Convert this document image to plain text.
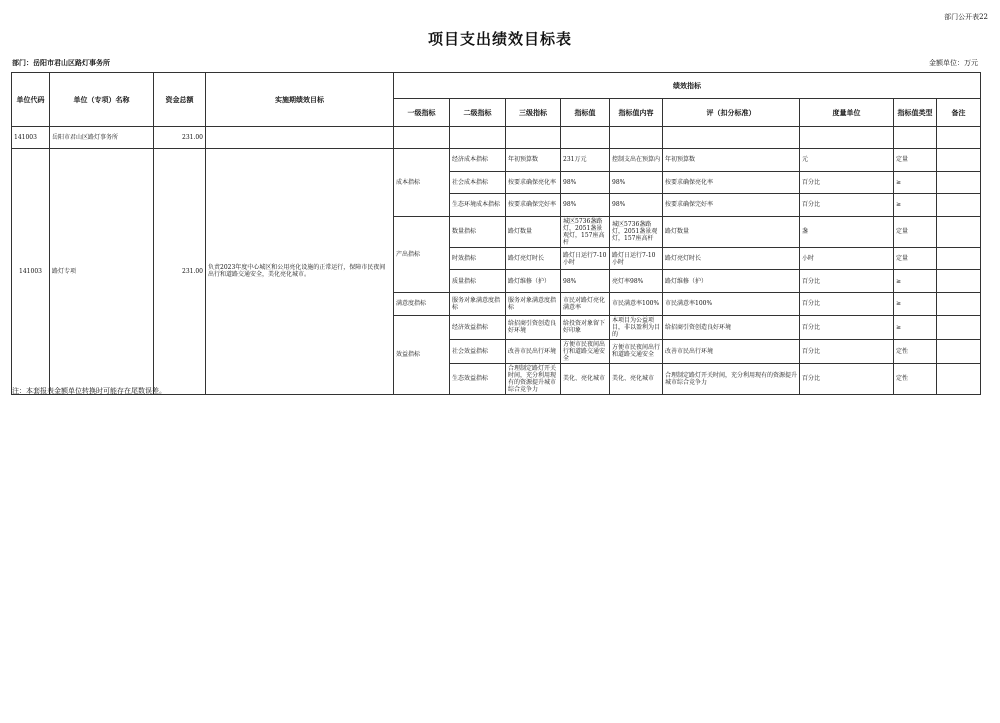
部门公开表22
项目支出绩效目标表
部门：岳阳市君山区路灯事务所	金额单位：万元
单位代码	单位（专项）名称	资金总额	实施期绩效目标	绩效指标								
				一级指标	二级指标	三级指标	指标值	指标值内容	评（扣分标准）	度量单位	指标值类型	备注
141003	岳阳市君山区路灯事务所	231.00										
141003	路灯专项	231.00	负责2023年度中心城区和公用亮化设施的正常运行，保障市民夜间出行和道路交通安全，美化亮化城市。	成本指标	经济成本指标	年初预算数	231万元	控制支出在预算内	年初预算数	元	定量	
					社会成本指标	按要求确保亮化率	98%	98%	按要求确保亮化率	百分比	≥	
					生态环境成本指标	按要求确保完好率	98%	98%	按要求确保完好率	百分比	≥	
				产出指标	数量指标	路灯数量	城区5736盏路灯，2051盏景观灯，157座高杆	城区5736盏路灯，2051盏景观灯，157座高杆	路灯数量	盏	定量	
					时效指标	路灯亮灯时长	路灯日运行7-10小时	路灯日运行7-10小时	路灯亮灯时长	小时	定量	
					质量指标	路灯维修（护）	98%	亮灯率98%	路灯维修（护）	百分比	≥	
				满意度指标	服务对象满意度指标	服务对象满意度指标	市民对路灯亮化满意率	市民满意率100%	市民满意率100%	百分比	≥	
				效益指标	经济效益指标	给招商引资创造良好环境	给投资对象留下好印象	本项目为公益项目，非以盈利为目的	给招商引资创造良好环境	百分比	≥	
					社会效益指标	改善市民出行环境	方便市民夜间出行和道路交通安全	方便市民夜间出行和道路交通安全	改善市民出行环境	百分比	定性	
					生态效益指标	合理制定路灯开关时间，充分利用现有的资源提升城市综合竞争力	美化、亮化城市	美化、亮化城市	合理制定路灯开关时间，充分利用现有的资源提升城市综合竞争力	百分比	定性	
注：本套报表金额单位转换时可能存在尾数误差。
